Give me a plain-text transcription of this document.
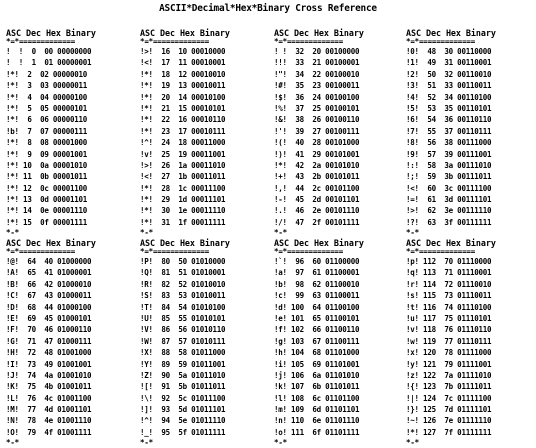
ASCII*Decimal*Hex*Binary Cross Reference
ASC Dec Hex Binary
*=*=============
!  !  0  00 00000000
!  !  1  01 00000001
!*!  2  02 00000010
!*!  3  03 00000011
!*!  4  04 00000100
!*!  5  05 00000101
!*!  6  06 00000110
!b!  7  07 00000111
!*!  8  08 00001000
!*!  9  09 00001001
!*! 10  0a 00001010
!*! 11  0b 00001011
!*! 12  0c 00001100
!*! 13  0d 00001101
!*! 14  0e 00001110
!*! 15  0f 00001111
*-*
ASC Dec Hex Binary
*=*=============
!>!  16  10 00010000
!<!  17  11 00010001
!*!  18  12 00010010
!*!  19  13 00010011
!*!  20  14 00010100
!*!  21  15 00010101
!*!  22  16 00010110
!*!  23  17 00010111
!^!  24  18 00011000
!v!  25  19 00011001
!>!  26  1a 00011010
!<!  27  1b 00011011
!*!  28  1c 00011100
!*!  29  1d 00011101
!*!  30  1e 00011110
!*!  31  1f 00011111
*-*
ASC Dec Hex Binary
*=*=============
! !  32  20 00100000
!!!  33  21 00100001
!"!  34  22 00100010
!#!  35  23 00100011
!$!  36  24 00100100
!%!  37  25 00100101
!&!  38  26 00100110
!'!  39  27 00100111
!(!  40  28 00101000
!)!  41  29 00101001
!*!  42  2a 00101010
!+!  43  2b 00101011
!,!  44  2c 00101100
!-!  45  2d 00101101
!.!  46  2e 00101110
!/!  47  2f 00101111
*-*
ASC Dec Hex Binary
*=*=============
!0!  48  30 00110000
!1!  49  31 00110001
!2!  50  32 00110010
!3!  51  33 00110011
!4!  52  34 00110100
!5!  53  35 00110101
!6!  54  36 00110110
!7!  55  37 00110111
!8!  56  38 00111000
!9!  57  39 00111001
!:!  58  3a 00111010
!;!  59  3b 00111011
!<!  60  3c 00111100
!=!  61  3d 00111101
!>!  62  3e 00111110
!?!  63  3f 00111111
*-*
ASC Dec Hex Binary
*=*=============
!@!  64  40 01000000
!A!  65  41 01000001
!B!  66  42 01000010
!C!  67  43 01000011
!D!  68  44 01000100
!E!  69  45 01000101
!F!  70  46 01000110
!G!  71  47 01000111
!H!  72  48 01001000
!I!  73  49 01001001
!J!  74  4a 01001010
!K!  75  4b 01001011
!L!  76  4c 01001100
!M!  77  4d 01001101
!N!  78  4e 01001110
!O!  79  4f 01001111
*-*
ASC Dec Hex Binary
*=*=============
!P!  80  50 01010000
!Q!  81  51 01010001
!R!  82  52 01010010
!S!  83  53 01010011
!T!  84  54 01010100
!U!  85  55 01010101
!V!  86  56 01010110
!W!  87  57 01010111
!X!  88  58 01011000
!Y!  89  59 01011001
!Z!  90  5a 01011010
![!  91  5b 01011011
!\!  92  5c 01011100
!]!  93  5d 01011101
!^!  94  5e 01011110
!_!  95  5f 01011111
*-*
ASC Dec Hex Binary
*=*=============
!`!  96  60 01100000
!a!  97  61 01100001
!b!  98  62 01100010
!c!  99  63 01100011
!d! 100  64 01100100
!e! 101  65 01100101
!f! 102  66 01100110
!g! 103  67 01100111
!h! 104  68 01101000
!i! 105  69 01101001
!j! 106  6a 01101010
!k! 107  6b 01101011
!l! 108  6c 01101100
!m! 109  6d 01101101
!n! 110  6e 01101110
!o! 111  6f 01101111
*-*
ASC Dec Hex Binary
*=*=============
!p! 112  70 01110000
!q! 113  71 01110001
!r! 114  72 01110010
!s! 115  73 01110011
!t! 116  74 01110100
!u! 117  75 01110101
!v! 118  76 01110110
!w! 119  77 01110111
!x! 120  78 01111000
!y! 121  79 01111001
!z! 122  7a 01111010
!{! 123  7b 01111011
!|! 124  7c 01111100
!}! 125  7d 01111101
!~! 126  7e 01111110
!*! 127  7f 01111111
*-*
